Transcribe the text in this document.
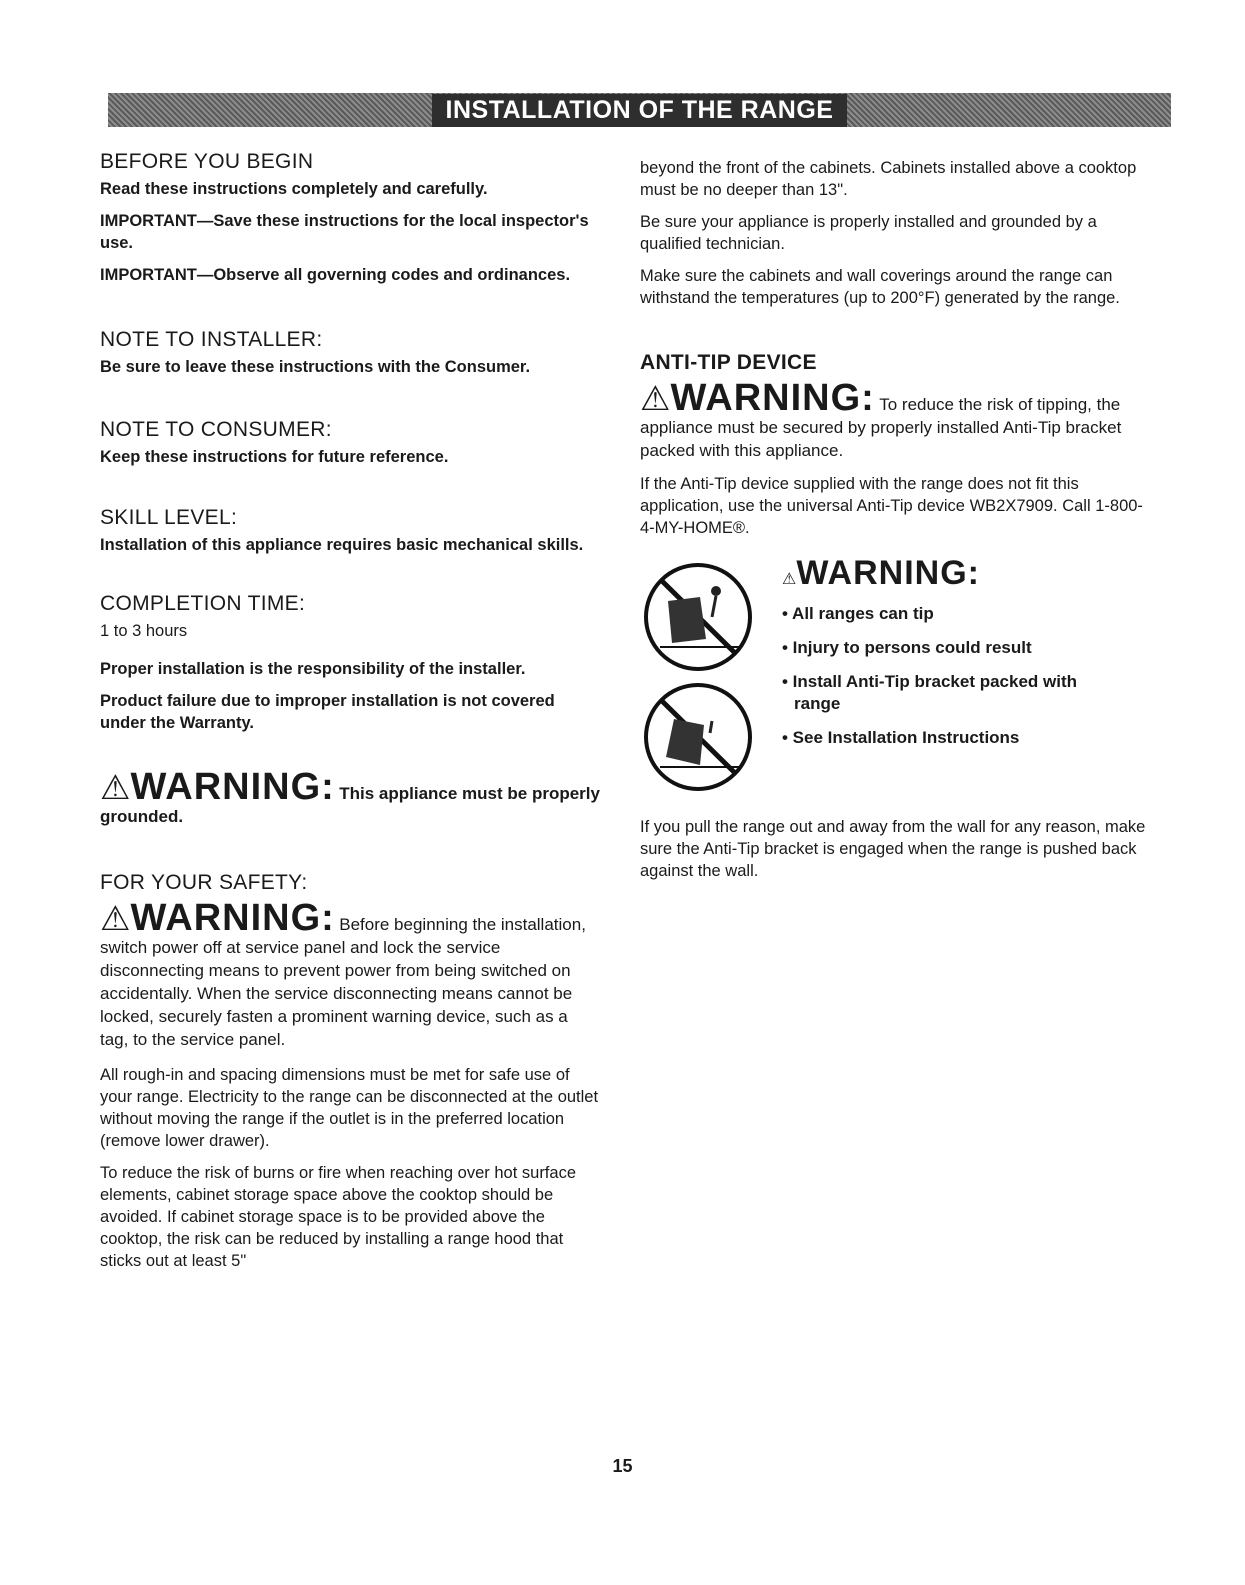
INSTALLATION OF THE RANGE
BEFORE YOU BEGIN

Read these instructions completely and carefully.

IMPORTANT—Save these instructions for the local inspector's use.

IMPORTANT—Observe all governing codes and ordinances.

NOTE TO INSTALLER:

Be sure to leave these instructions with the Consumer.

NOTE TO CONSUMER:

Keep these instructions for future reference.

SKILL LEVEL:

Installation of this appliance requires basic mechanical skills.

COMPLETION TIME:

1 to 3 hours

Proper installation is the responsibility of the installer.

Product failure due to improper installation is not covered under the Warranty.

⚠WARNING: This appliance must be properly grounded.

FOR YOUR SAFETY:

⚠WARNING: Before beginning the installation, switch power off at service panel and lock the service disconnecting means to prevent power from being switched on accidentally. When the service disconnecting means cannot be locked, securely fasten a prominent warning device, such as a tag, to the service panel.

All rough-in and spacing dimensions must be met for safe use of your range. Electricity to the range can be disconnected at the outlet without moving the range if the outlet is in the preferred location (remove lower drawer).

To reduce the risk of burns or fire when reaching over hot surface elements, cabinet storage space above the cooktop should be avoided. If cabinet storage space is to be provided above the cooktop, the risk can be reduced by installing a range hood that sticks out at least 5"

beyond the front of the cabinets. Cabinets installed above a cooktop must be no deeper than 13".

Be sure your appliance is properly installed and grounded by a qualified technician.

Make sure the cabinets and wall coverings around the range can withstand the temperatures (up to 200°F) generated by the range.

ANTI-TIP DEVICE

⚠WARNING: To reduce the risk of tipping, the appliance must be secured by properly installed Anti-Tip bracket packed with this appliance.

If the Anti-Tip device supplied with the range does not fit this application, use the universal Anti-Tip device WB2X7909. Call 1-800-4-MY-HOME®.

⚠WARNING:
• All ranges can tip
• Injury to persons could result
• Install Anti-Tip bracket packed with range
• See Installation Instructions

If you pull the range out and away from the wall for any reason, make sure the Anti-Tip bracket is engaged when the range is pushed back against the wall.

15
